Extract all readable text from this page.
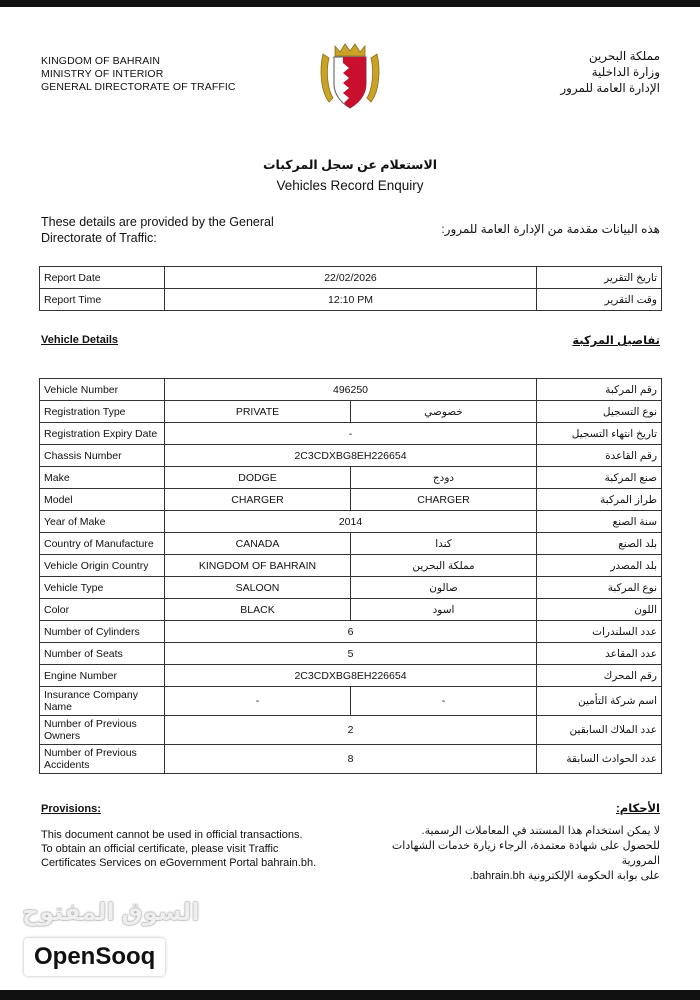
KINGDOM OF BAHRAIN
MINISTRY OF INTERIOR
GENERAL DIRECTORATE OF TRAFFIC
مملكة البحرين
وزارة الداخلية
الإدارة العامة للمرور
الاستعلام عن سجل المركبات
Vehicles Record Enquiry
These details are provided by the General Directorate of Traffic:
هذه البيانات مقدمة من الإدارة العامة للمرور:
Report Date	22/02/2026	تاريخ التقرير
Report Time	12:10 PM	وقت التقرير
Vehicle Details	تفاصيل المركبة
Vehicle Number	496250		رقم المركبة
Registration Type	PRIVATE	خصوصي	نوع التسجيل
Registration Expiry Date	-		تاريخ انتهاء التسجيل
Chassis Number	2C3CDXBG8EH226654		رقم القاعدة
Make	DODGE	دودج	صنع المركبة
Model	CHARGER	CHARGER	طراز المركبة
Year of Make	2014		سنة الصنع
Country of Manufacture	CANADA	كندا	بلد الصنع
Vehicle Origin Country	KINGDOM OF BAHRAIN	مملكة البحرين	بلد المصدر
Vehicle Type	SALOON	صالون	نوع المركبة
Color	BLACK	اسود	اللون
Number of Cylinders	6		عدد السلندرات
Number of Seats	5		عدد المقاعد
Engine Number	2C3CDXBG8EH226654		رقم المحرك
Insurance Company Name	-	-	اسم شركة التأمين
Number of Previous Owners	2		عدد الملاك السابقين
Number of Previous Accidents	8		عدد الحوادث السابقة
Provisions:	الأحكام:
This document cannot be used in official transactions.
To obtain an official certificate, please visit Traffic
Certificates Services on eGovernment Portal bahrain.bh.
لا يمكن استخدام هذا المستند في المعاملات الرسمية.
للحصول على شهادة معتمدة، الرجاء زيارة خدمات الشهادات المرورية
على بوابة الحكومة الإلكترونية bahrain.bh.
السوق المفتوح
OpenSooq
